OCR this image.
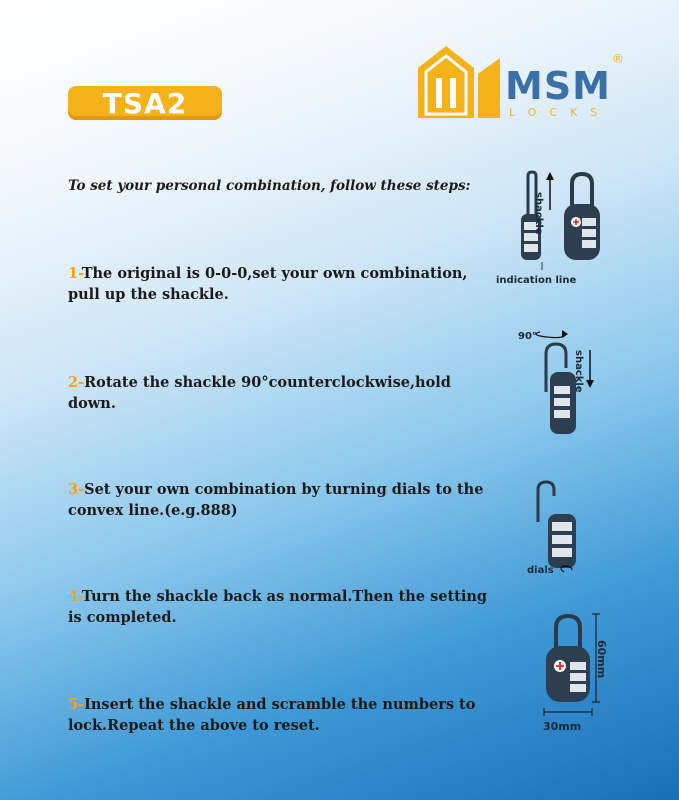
TSA2	MSM
LOCKS
®
To set your personal combination, follow these steps:
1-The original is 0-0-0,set your own combination, pull up the shackle.
2-Rotate the shackle 90°counterclockwise,hold down.
3-Set your own combination by turning dials to the convex line.(e.g.888)
4-Turn the shackle back as normal.Then the setting is completed.
5-Insert the shackle and scramble the numbers to lock.Repeat the above to reset.
shackle
indication line
90°
shackle
dials
60mm
30mm
